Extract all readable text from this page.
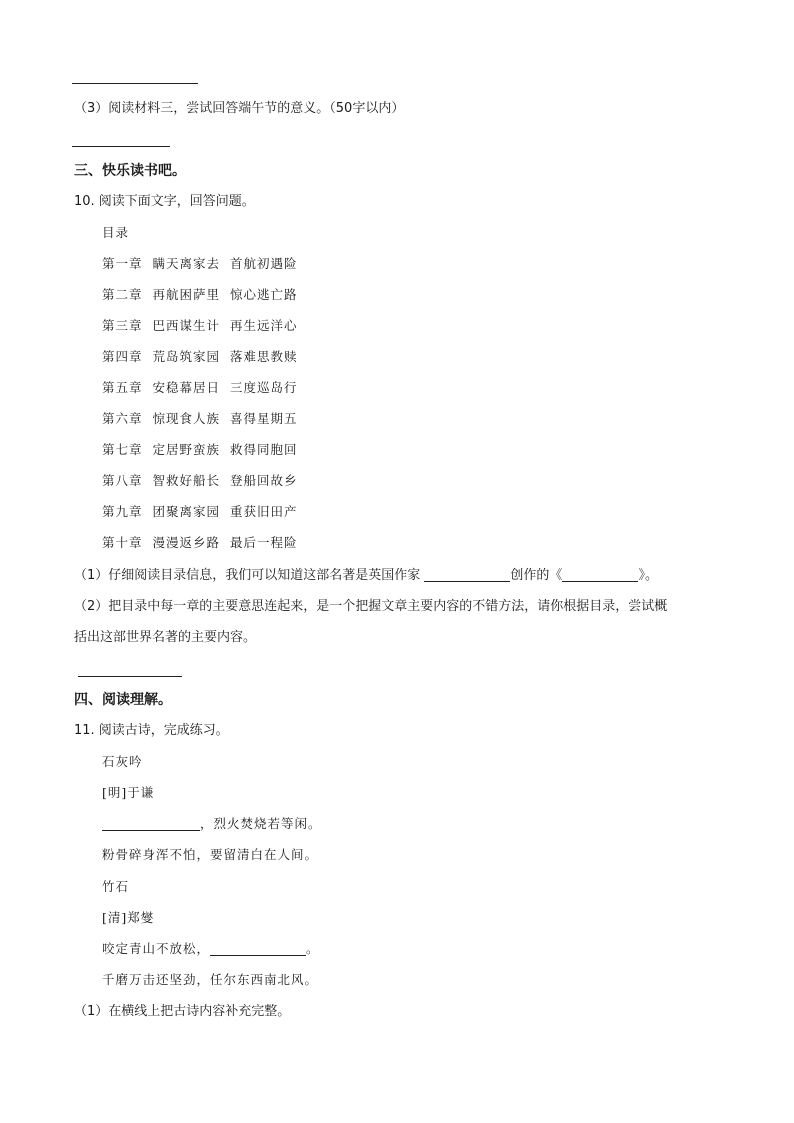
（3）阅读材料三，尝试回答端午节的意义。（50字以内）
三、快乐读书吧。
10. 阅读下面文字，回答问题。
目录
第一章 瞒天离家去 首航初遇险
第二章 再航困萨里 惊心逃亡路
第三章 巴西谋生计 再生远洋心
第四章 荒岛筑家园 落难思教赎
第五章 安稳幕居日 三度巡岛行
第六章 惊现食人族 喜得星期五
第七章 定居野蛮族 救得同胞回
第八章 智救好船长 登船回故乡
第九章 团聚离家园 重获旧田产
第十章 漫漫返乡路 最后一程险
（1）仔细阅读目录信息，我们可以知道这部名著是英国作家	创作的《	》。
（2）把目录中每一章的主要意思连起来，是一个把握文章主要内容的不错方法，请你根据目录，尝试概
括出这部世界名著的主要内容。
四、阅读理解。
11. 阅读古诗，完成练习。
石灰吟
[明]于谦
，烈火焚烧若等闲。
粉骨碎身浑不怕，要留清白在人间。
竹石
[清]郑燮
咬定青山不放松，	。
千磨万击还坚劲，任尔东西南北风。
（1）在横线上把古诗内容补充完整。
